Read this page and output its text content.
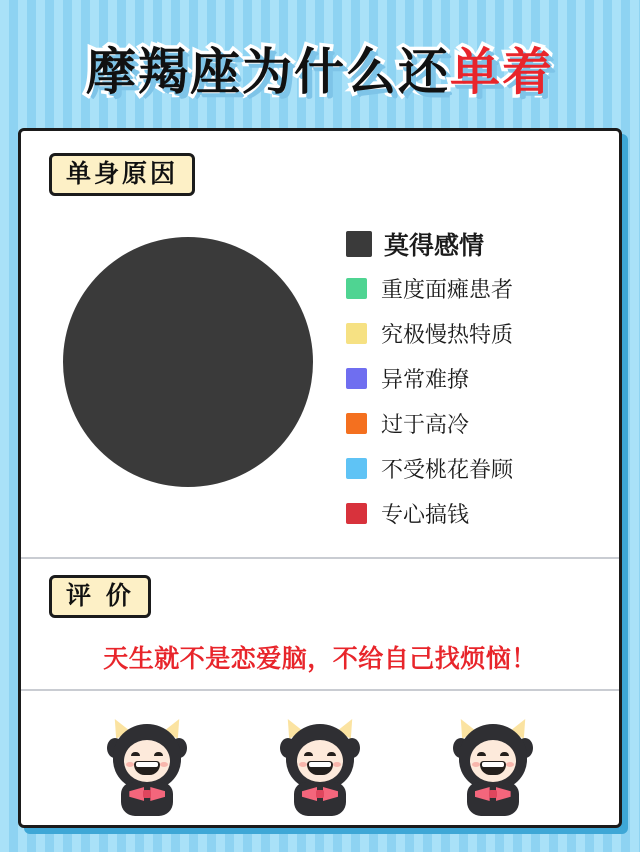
摩羯座为什么还单着
单身原因
莫得感情
重度面瘫患者
究极慢热特质
异常难撩
过于高冷
不受桃花眷顾
专心搞钱
评 价
天生就不是恋爱脑，不给自己找烦恼！
